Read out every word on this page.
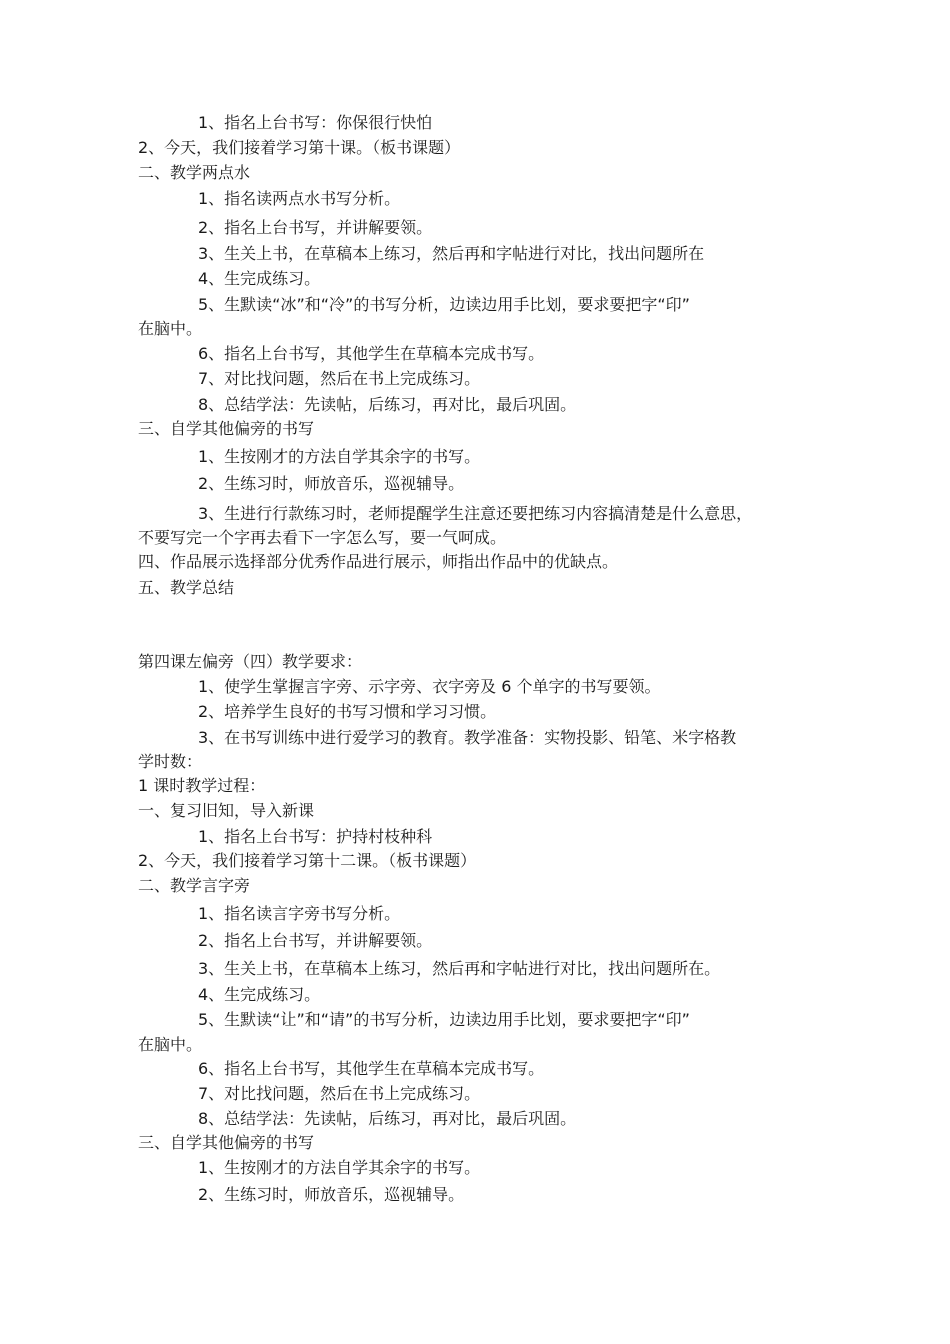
1、指名上台书写：你保很行快怕
2、今天，我们接着学习第十课。（板书课题）
二、教学两点水
1、指名读两点水书写分析。
2、指名上台书写，并讲解要领。
3、生关上书，在草稿本上练习，然后再和字帖进行对比，找出问题所在
4、生完成练习。
5、生默读“冰”和“冷”的书写分析，边读边用手比划，要求要把字“印”
在脑中。
6、指名上台书写，其他学生在草稿本完成书写。
7、对比找问题，然后在书上完成练习。
8、总结学法：先读帖，后练习，再对比，最后巩固。
三、自学其他偏旁的书写
1、生按刚才的方法自学其余字的书写。
2、生练习时，师放音乐，巡视辅导。
3、生进行行款练习时，老师提醒学生注意还要把练习内容搞清楚是什么意思，
不要写完一个字再去看下一字怎么写，要一气呵成。
四、作品展示选择部分优秀作品进行展示，师指出作品中的优缺点。
五、教学总结
第四课左偏旁（四）教学要求：
1、使学生掌握言字旁、示字旁、衣字旁及 6 个单字的书写要领。
2、培养学生良好的书写习惯和学习习惯。
3、在书写训练中进行爱学习的教育。教学准备：实物投影、铅笔、米字格教
学时数：
1 课时教学过程：
一、复习旧知，导入新课
1、指名上台书写：护持村枝种科
2、今天，我们接着学习第十二课。（板书课题）
二、教学言字旁
1、指名读言字旁书写分析。
2、指名上台书写，并讲解要领。
3、生关上书，在草稿本上练习，然后再和字帖进行对比，找出问题所在。
4、生完成练习。
5、生默读“让”和“请”的书写分析，边读边用手比划，要求要把字“印”
在脑中。
6、指名上台书写，其他学生在草稿本完成书写。
7、对比找问题，然后在书上完成练习。
8、总结学法：先读帖，后练习，再对比，最后巩固。
三、自学其他偏旁的书写
1、生按刚才的方法自学其余字的书写。
2、生练习时，师放音乐，巡视辅导。
